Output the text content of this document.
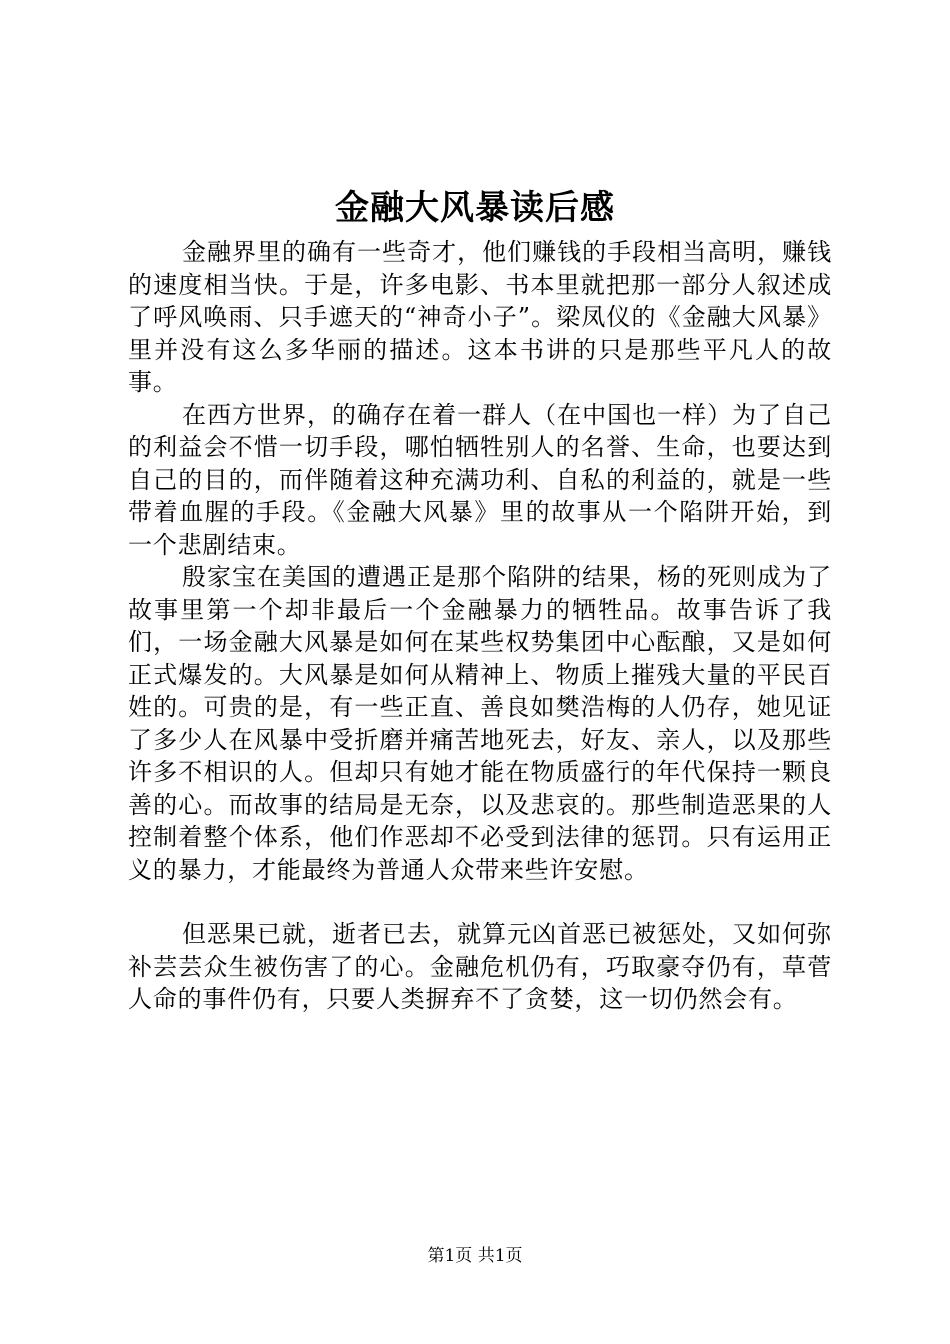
金融大风暴读后感

金融界里的确有一些奇才，他们赚钱的手段相当高明，赚钱的速度相当快。于是，许多电影、书本里就把那一部分人叙述成了呼风唤雨、只手遮天的“神奇小子”。梁凤仪的《金融大风暴》里并没有这么多华丽的描述。这本书讲的只是那些平凡人的故事。

在西方世界，的确存在着一群人（在中国也一样）为了自己的利益会不惜一切手段，哪怕牺牲别人的名誉、生命，也要达到自己的目的，而伴随着这种充满功利、自私的利益的，就是一些带着血腥的手段。《金融大风暴》里的故事从一个陷阱开始，到一个悲剧结束。

殷家宝在美国的遭遇正是那个陷阱的结果，杨的死则成为了故事里第一个却非最后一个金融暴力的牺牲品。故事告诉了我们，一场金融大风暴是如何在某些权势集团中心酝酿，又是如何正式爆发的。大风暴是如何从精神上、物质上摧残大量的平民百姓的。可贵的是，有一些正直、善良如樊浩梅的人仍存，她见证了多少人在风暴中受折磨并痛苦地死去，好友、亲人，以及那些许多不相识的人。但却只有她才能在物质盛行的年代保持一颗良善的心。而故事的结局是无奈，以及悲哀的。那些制造恶果的人控制着整个体系，他们作恶却不必受到法律的惩罚。只有运用正义的暴力，才能最终为普通人众带来些许安慰。

但恶果已就，逝者已去，就算元凶首恶已被惩处，又如何弥补芸芸众生被伤害了的心。金融危机仍有，巧取豪夺仍有，草菅人命的事件仍有，只要人类摒弃不了贪婪，这一切仍然会有。

第1页 共1页
